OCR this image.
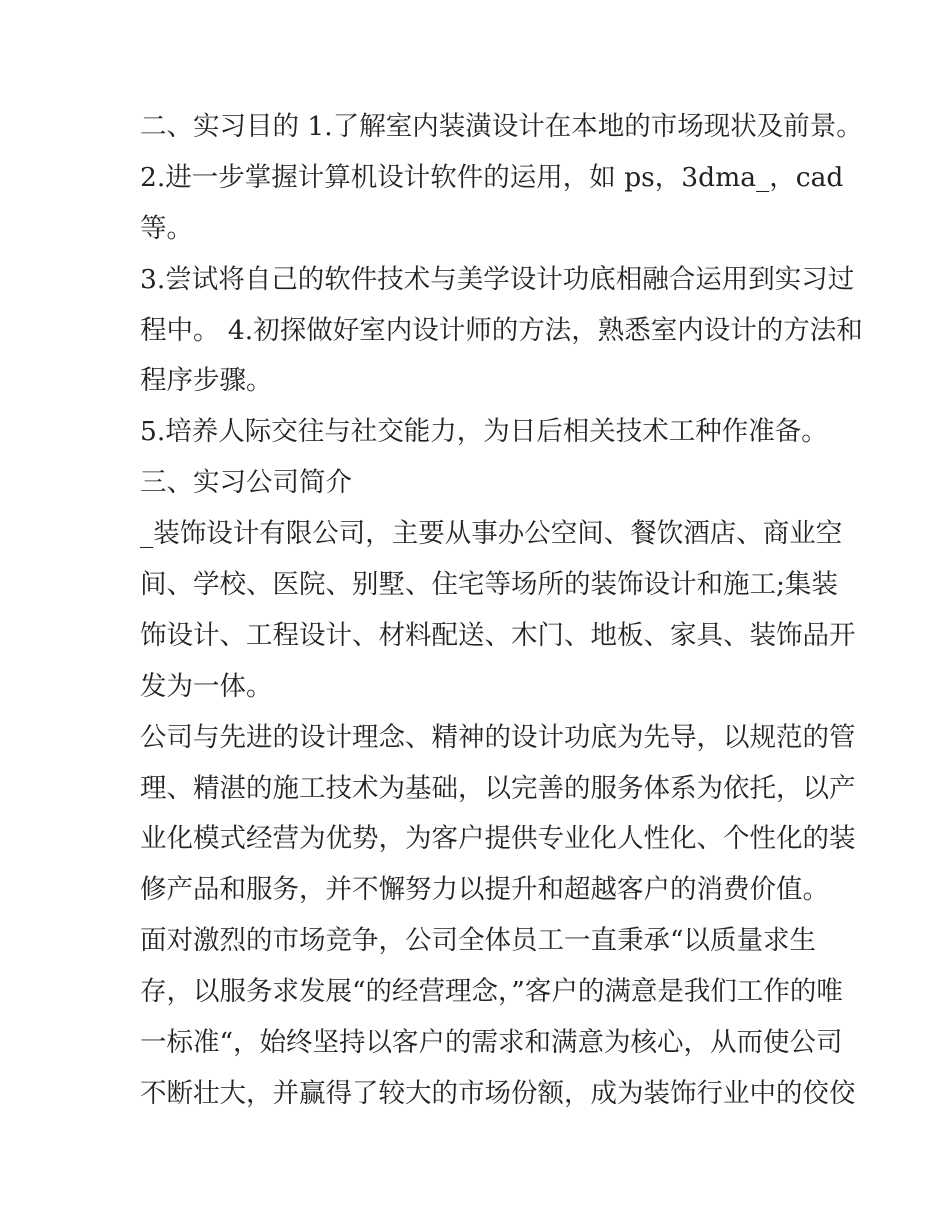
二、实习目的 1.了解室内装潢设计在本地的市场现状及前景。
2.进一步掌握计算机设计软件的运用，如 ps，3dma_，cad
等。
3.尝试将自己的软件技术与美学设计功底相融合运用到实习过
程中。 4.初探做好室内设计师的方法，熟悉室内设计的方法和
程序步骤。
5.培养人际交往与社交能力，为日后相关技术工种作准备。
三、实习公司简介
_装饰设计有限公司，主要从事办公空间、餐饮酒店、商业空
间、学校、医院、别墅、住宅等场所的装饰设计和施工;集装
饰设计、工程设计、材料配送、木门、地板、家具、装饰品开
发为一体。
公司与先进的设计理念、精神的设计功底为先导，以规范的管
理、精湛的施工技术为基础，以完善的服务体系为依托，以产
业化模式经营为优势，为客户提供专业化人性化、个性化的装
修产品和服务，并不懈努力以提升和超越客户的消费价值。
面对激烈的市场竞争，公司全体员工一直秉承“以质量求生
存，以服务求发展“的经营理念，”客户的满意是我们工作的唯
一标准“，始终坚持以客户的需求和满意为核心，从而使公司
不断壮大，并赢得了较大的市场份额，成为装饰行业中的佼佼
